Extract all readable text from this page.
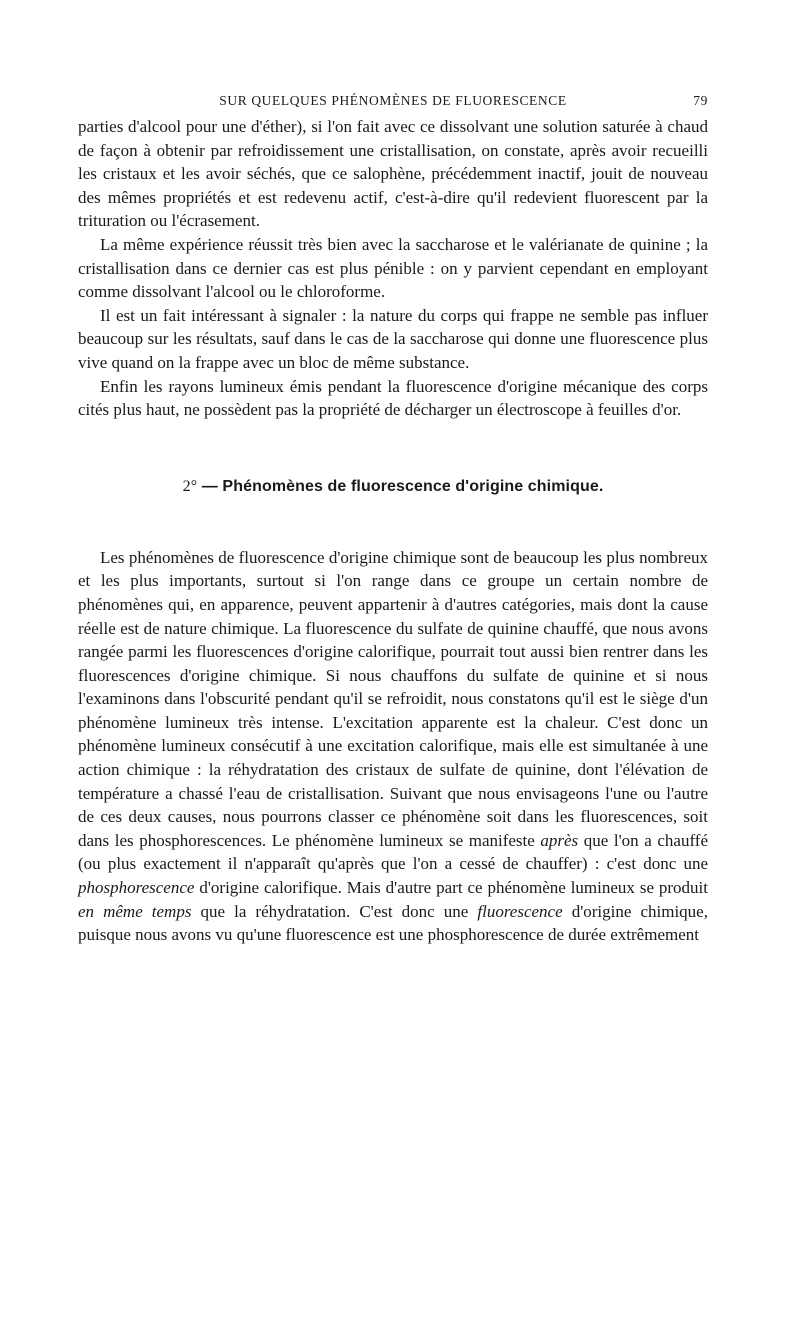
SUR QUELQUES PHÉNOMÈNES DE FLUORESCENCE	79

parties d'alcool pour une d'éther), si l'on fait avec ce dissolvant une solution saturée à chaud de façon à obtenir par refroidissement une cristallisation, on constate, après avoir recueilli les cristaux et les avoir séchés, que ce salophène, précédemment inactif, jouit de nouveau des mêmes propriétés et est redevenu actif, c'est-à-dire qu'il redevient fluorescent par la trituration ou l'écrasement.

La même expérience réussit très bien avec la saccharose et le valérianate de quinine ; la cristallisation dans ce dernier cas est plus pénible : on y parvient cependant en employant comme dissolvant l'alcool ou le chloroforme.

Il est un fait intéressant à signaler : la nature du corps qui frappe ne semble pas influer beaucoup sur les résultats, sauf dans le cas de la saccharose qui donne une fluorescence plus vive quand on la frappe avec un bloc de même substance.

Enfin les rayons lumineux émis pendant la fluorescence d'origine mécanique des corps cités plus haut, ne possèdent pas la propriété de décharger un électroscope à feuilles d'or.

2° — Phénomènes de fluorescence d'origine chimique.

Les phénomènes de fluorescence d'origine chimique sont de beaucoup les plus nombreux et les plus importants, surtout si l'on range dans ce groupe un certain nombre de phénomènes qui, en apparence, peuvent appartenir à d'autres catégories, mais dont la cause réelle est de nature chimique. La fluorescence du sulfate de quinine chauffé, que nous avons rangée parmi les fluorescences d'origine calorifique, pourrait tout aussi bien rentrer dans les fluorescences d'origine chimique. Si nous chauffons du sulfate de quinine et si nous l'examinons dans l'obscurité pendant qu'il se refroidit, nous constatons qu'il est le siège d'un phénomène lumineux très intense. L'excitation apparente est la chaleur. C'est donc un phénomène lumineux consécutif à une excitation calorifique, mais elle est simultanée à une action chimique : la réhydratation des cristaux de sulfate de quinine, dont l'élévation de température a chassé l'eau de cristallisation. Suivant que nous envisageons l'une ou l'autre de ces deux causes, nous pourrons classer ce phénomène soit dans les fluorescences, soit dans les phosphorescences. Le phénomène lumineux se manifeste après que l'on a chauffé (ou plus exactement il n'apparaît qu'après que l'on a cessé de chauffer) : c'est donc une phosphorescence d'origine calorifique. Mais d'autre part ce phénomène lumineux se produit en même temps que la réhydratation. C'est donc une fluorescence d'origine chimique, puisque nous avons vu qu'une fluorescence est une phosphorescence de durée extrêmement
